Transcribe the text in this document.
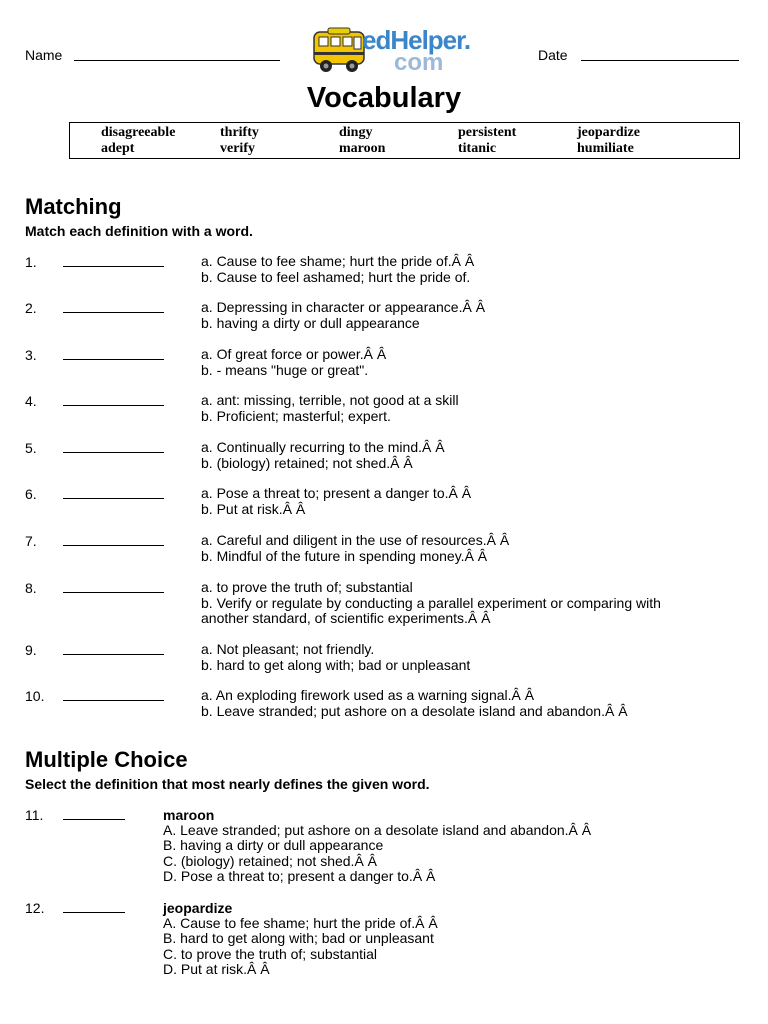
Name	Date
edHelper.
com
Vocabulary
disagreeable	thrifty	dingy	persistent	jeopardize
adept	verify	maroon	titanic	humiliate
Matching
Match each definition with a word.
1.	a. Cause to fee shame; hurt the pride of.Â Â
b. Cause to feel ashamed; hurt the pride of.
2.	a. Depressing in character or appearance.Â Â
b. having a dirty or dull appearance
3.	a. Of great force or power.Â Â
b. - means "huge or great".
4.	a. ant: missing, terrible, not good at a skill
b. Proficient; masterful; expert.
5.	a. Continually recurring to the mind.Â Â
b. (biology) retained; not shed.Â Â
6.	a. Pose a threat to; present a danger to.Â Â
b. Put at risk.Â Â
7.	a. Careful and diligent in the use of resources.Â Â
b. Mindful of the future in spending money.Â Â
8.	a. to prove the truth of; substantial
b. Verify or regulate by conducting a parallel experiment or comparing with
another standard, of scientific experiments.Â Â
9.	a. Not pleasant; not friendly.
b. hard to get along with; bad or unpleasant
10.	a. An exploding firework used as a warning signal.Â Â
b. Leave stranded; put ashore on a desolate island and abandon.Â Â
Multiple Choice
Select the definition that most nearly defines the given word.
11.	maroon
A. Leave stranded; put ashore on a desolate island and abandon.Â Â
B. having a dirty or dull appearance
C. (biology) retained; not shed.Â Â
D. Pose a threat to; present a danger to.Â Â
12.	jeopardize
A. Cause to fee shame; hurt the pride of.Â Â
B. hard to get along with; bad or unpleasant
C. to prove the truth of; substantial
D. Put at risk.Â Â
